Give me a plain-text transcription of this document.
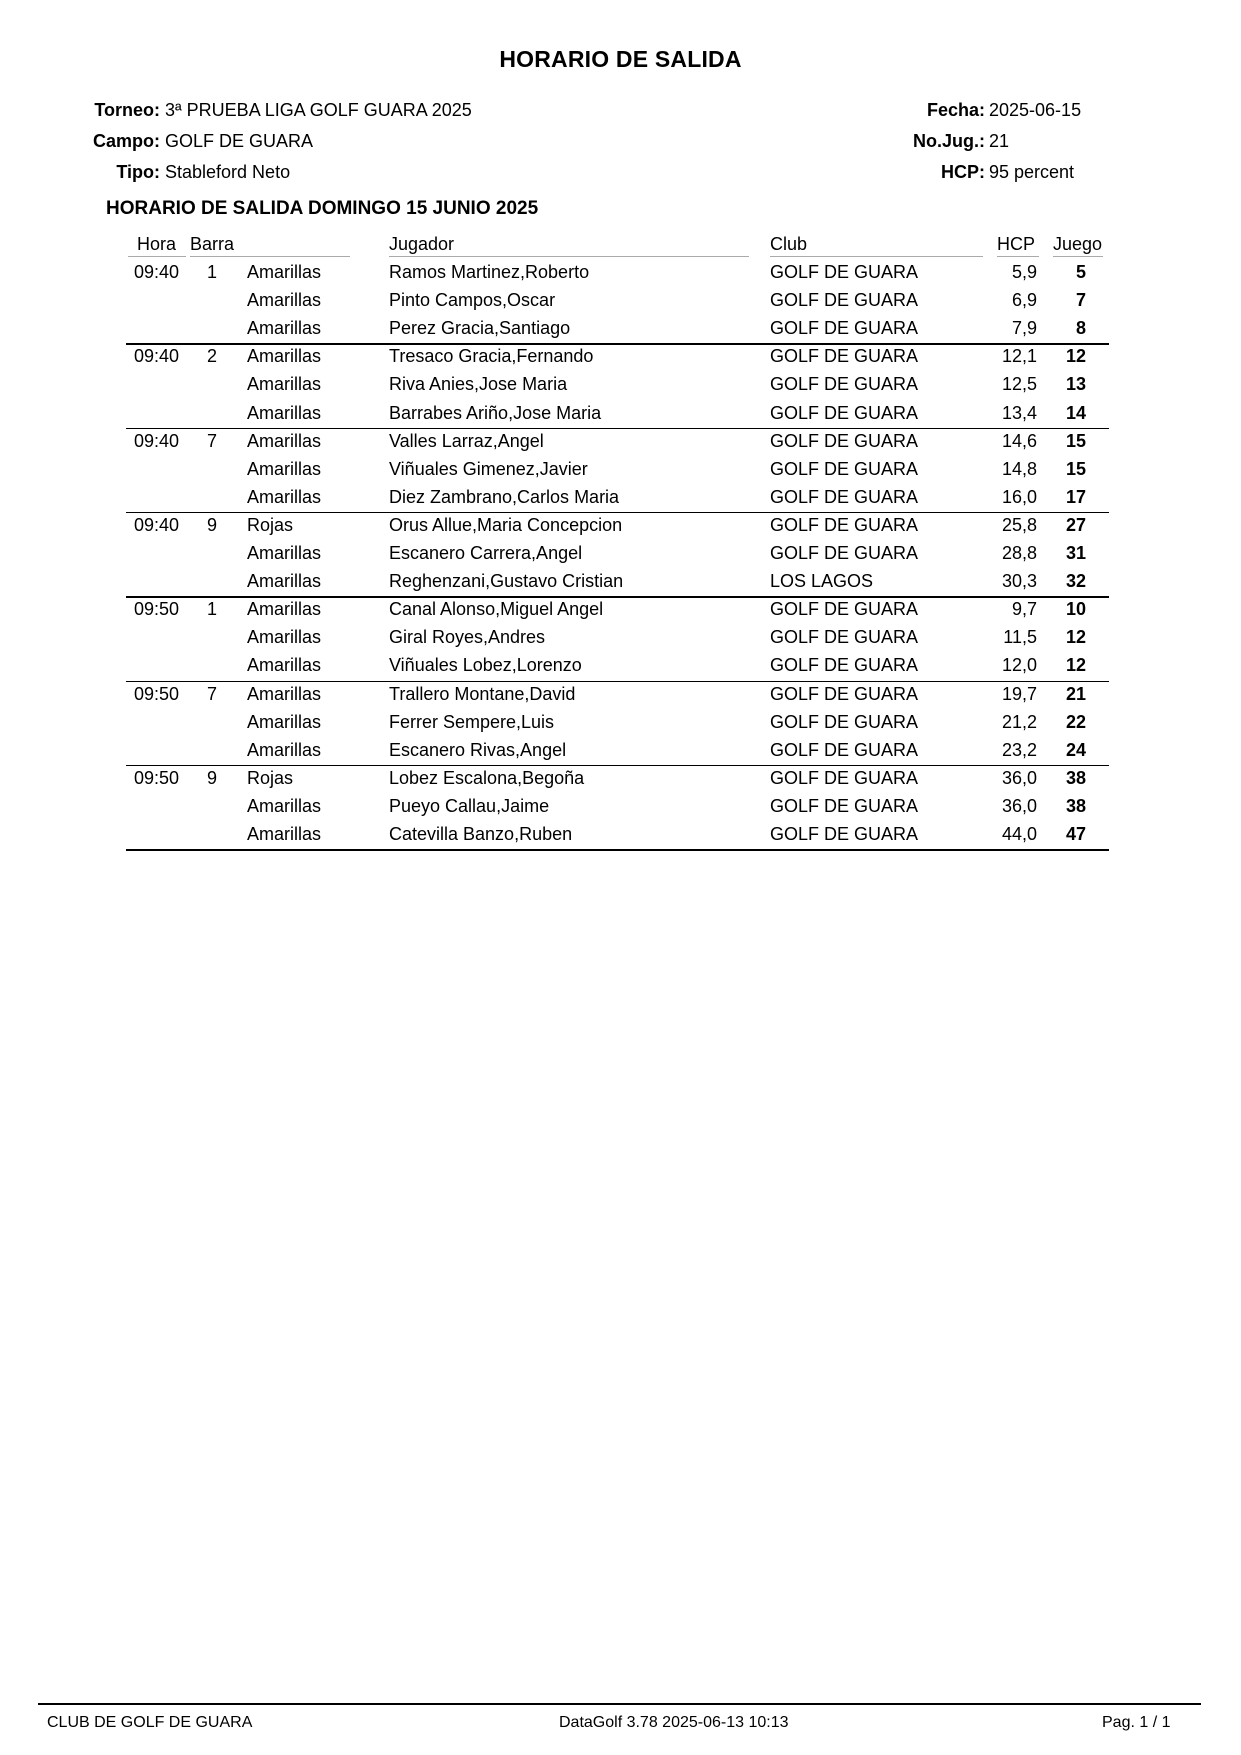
HORARIO DE SALIDA
Torneo: 3ª PRUEBA LIGA GOLF GUARA 2025
Campo: GOLF DE GUARA
Tipo: Stableford Neto
Fecha: 2025-06-15
No.Jug.: 21
HCP: 95 percent
HORARIO DE SALIDA DOMINGO 15 JUNIO 2025
Hora Barra	Jugador	Club	HCP Juego
09:40 1 Amarillas	Ramos Martinez,Roberto	GOLF DE GUARA	5,9	5
Amarillas	Pinto Campos,Oscar	GOLF DE GUARA	6,9	7
Amarillas	Perez Gracia,Santiago	GOLF DE GUARA	7,9	8
09:40 2 Amarillas	Tresaco Gracia,Fernando	GOLF DE GUARA	12,1	12
Amarillas	Riva Anies,Jose Maria	GOLF DE GUARA	12,5	13
Amarillas	Barrabes Ariño,Jose Maria	GOLF DE GUARA	13,4	14
09:40 7 Amarillas	Valles Larraz,Angel	GOLF DE GUARA	14,6	15
Amarillas	Viñuales Gimenez,Javier	GOLF DE GUARA	14,8	15
Amarillas	Diez Zambrano,Carlos Maria	GOLF DE GUARA	16,0	17
09:40 9 Rojas	Orus Allue,Maria Concepcion	GOLF DE GUARA	25,8	27
Amarillas	Escanero Carrera,Angel	GOLF DE GUARA	28,8	31
Amarillas	Reghenzani,Gustavo Cristian	LOS LAGOS	30,3	32
09:50 1 Amarillas	Canal Alonso,Miguel Angel	GOLF DE GUARA	9,7	10
Amarillas	Giral Royes,Andres	GOLF DE GUARA	11,5	12
Amarillas	Viñuales Lobez,Lorenzo	GOLF DE GUARA	12,0	12
09:50 7 Amarillas	Trallero Montane,David	GOLF DE GUARA	19,7	21
Amarillas	Ferrer Sempere,Luis	GOLF DE GUARA	21,2	22
Amarillas	Escanero Rivas,Angel	GOLF DE GUARA	23,2	24
09:50 9 Rojas	Lobez Escalona,Begoña	GOLF DE GUARA	36,0	38
Amarillas	Pueyo Callau,Jaime	GOLF DE GUARA	36,0	38
Amarillas	Catevilla Banzo,Ruben	GOLF DE GUARA	44,0	47
CLUB DE GOLF DE GUARA	DataGolf 3.78 2025-06-13 10:13	Pag. 1 / 1
